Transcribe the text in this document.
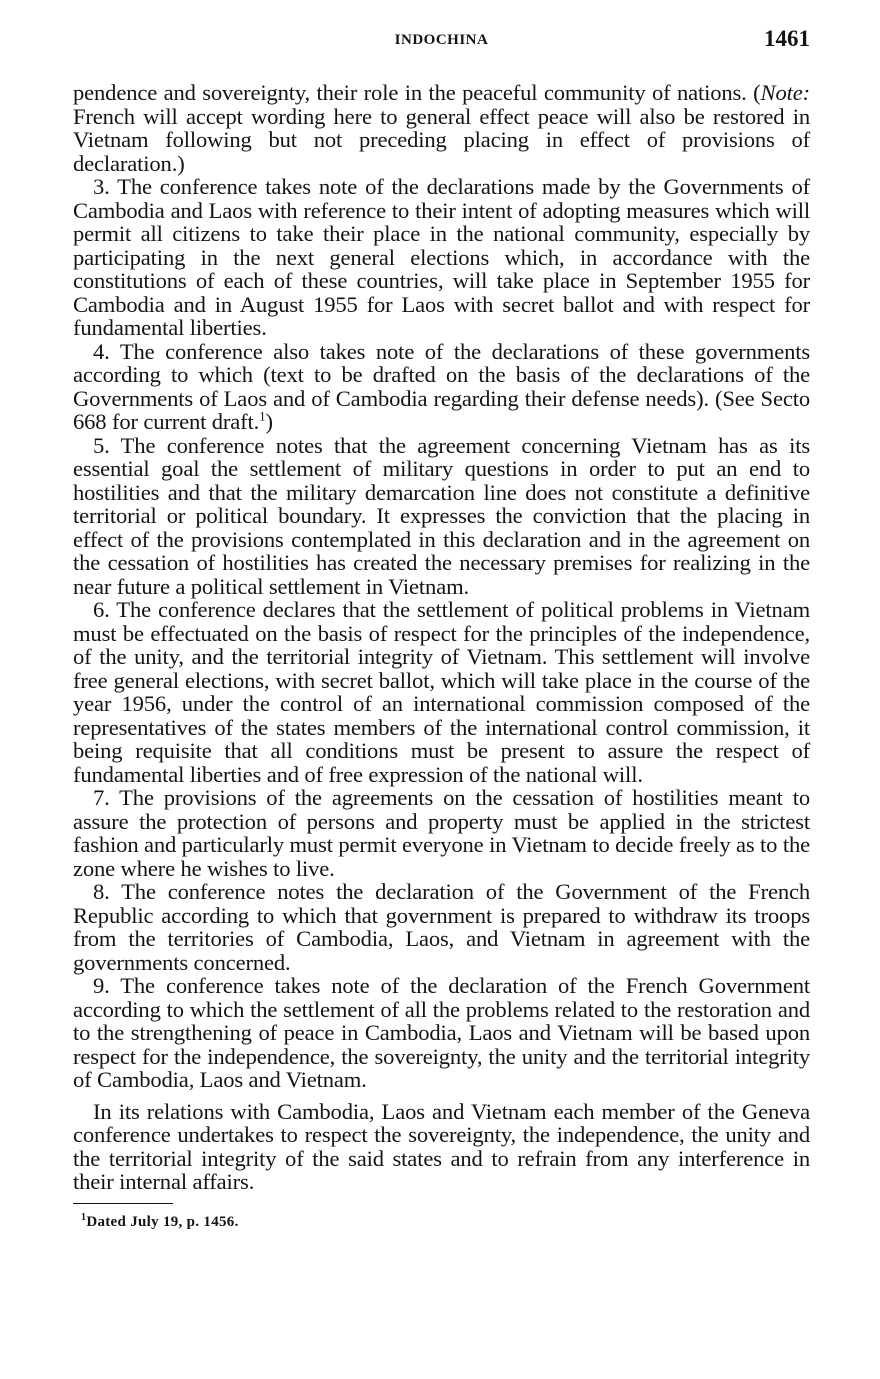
INDOCHINA	1461

pendence and sovereignty, their role in the peaceful community of nations. (Note: French will accept wording here to general effect peace will also be restored in Vietnam following but not preceding placing in effect of provisions of declaration.)

3. The conference takes note of the declarations made by the Governments of Cambodia and Laos with reference to their intent of adopting measures which will permit all citizens to take their place in the national community, especially by participating in the next general elections which, in accordance with the constitutions of each of these countries, will take place in September 1955 for Cambodia and in August 1955 for Laos with secret ballot and with respect for fundamental liberties.

4. The conference also takes note of the declarations of these governments according to which (text to be drafted on the basis of the declarations of the Governments of Laos and of Cambodia regarding their defense needs). (See Secto 668 for current draft.$^1$)

5. The conference notes that the agreement concerning Vietnam has as its essential goal the settlement of military questions in order to put an end to hostilities and that the military demarcation line does not constitute a definitive territorial or political boundary. It expresses the conviction that the placing in effect of the provisions contemplated in this declaration and in the agreement on the cessation of hostilities has created the necessary premises for realizing in the near future a political settlement in Vietnam.

6. The conference declares that the settlement of political problems in Vietnam must be effectuated on the basis of respect for the principles of the independence, of the unity, and the territorial integrity of Vietnam. This settlement will involve free general elections, with secret ballot, which will take place in the course of the year 1956, under the control of an international commission composed of the representatives of the states members of the international control commission, it being requisite that all conditions must be present to assure the respect of fundamental liberties and of free expression of the national will.

7. The provisions of the agreements on the cessation of hostilities meant to assure the protection of persons and property must be applied in the strictest fashion and particularly must permit everyone in Vietnam to decide freely as to the zone where he wishes to live.

8. The conference notes the declaration of the Government of the French Republic according to which that government is prepared to withdraw its troops from the territories of Cambodia, Laos, and Vietnam in agreement with the governments concerned.

9. The conference takes note of the declaration of the French Government according to which the settlement of all the problems related to the restoration and to the strengthening of peace in Cambodia, Laos and Vietnam will be based upon respect for the independence, the sovereignty, the unity and the territorial integrity of Cambodia, Laos and Vietnam.

In its relations with Cambodia, Laos and Vietnam each member of the Geneva conference undertakes to respect the sovereignty, the independence, the unity and the territorial integrity of the said states and to refrain from any interference in their internal affairs.

$^1$Dated July 19, p. 1456.
